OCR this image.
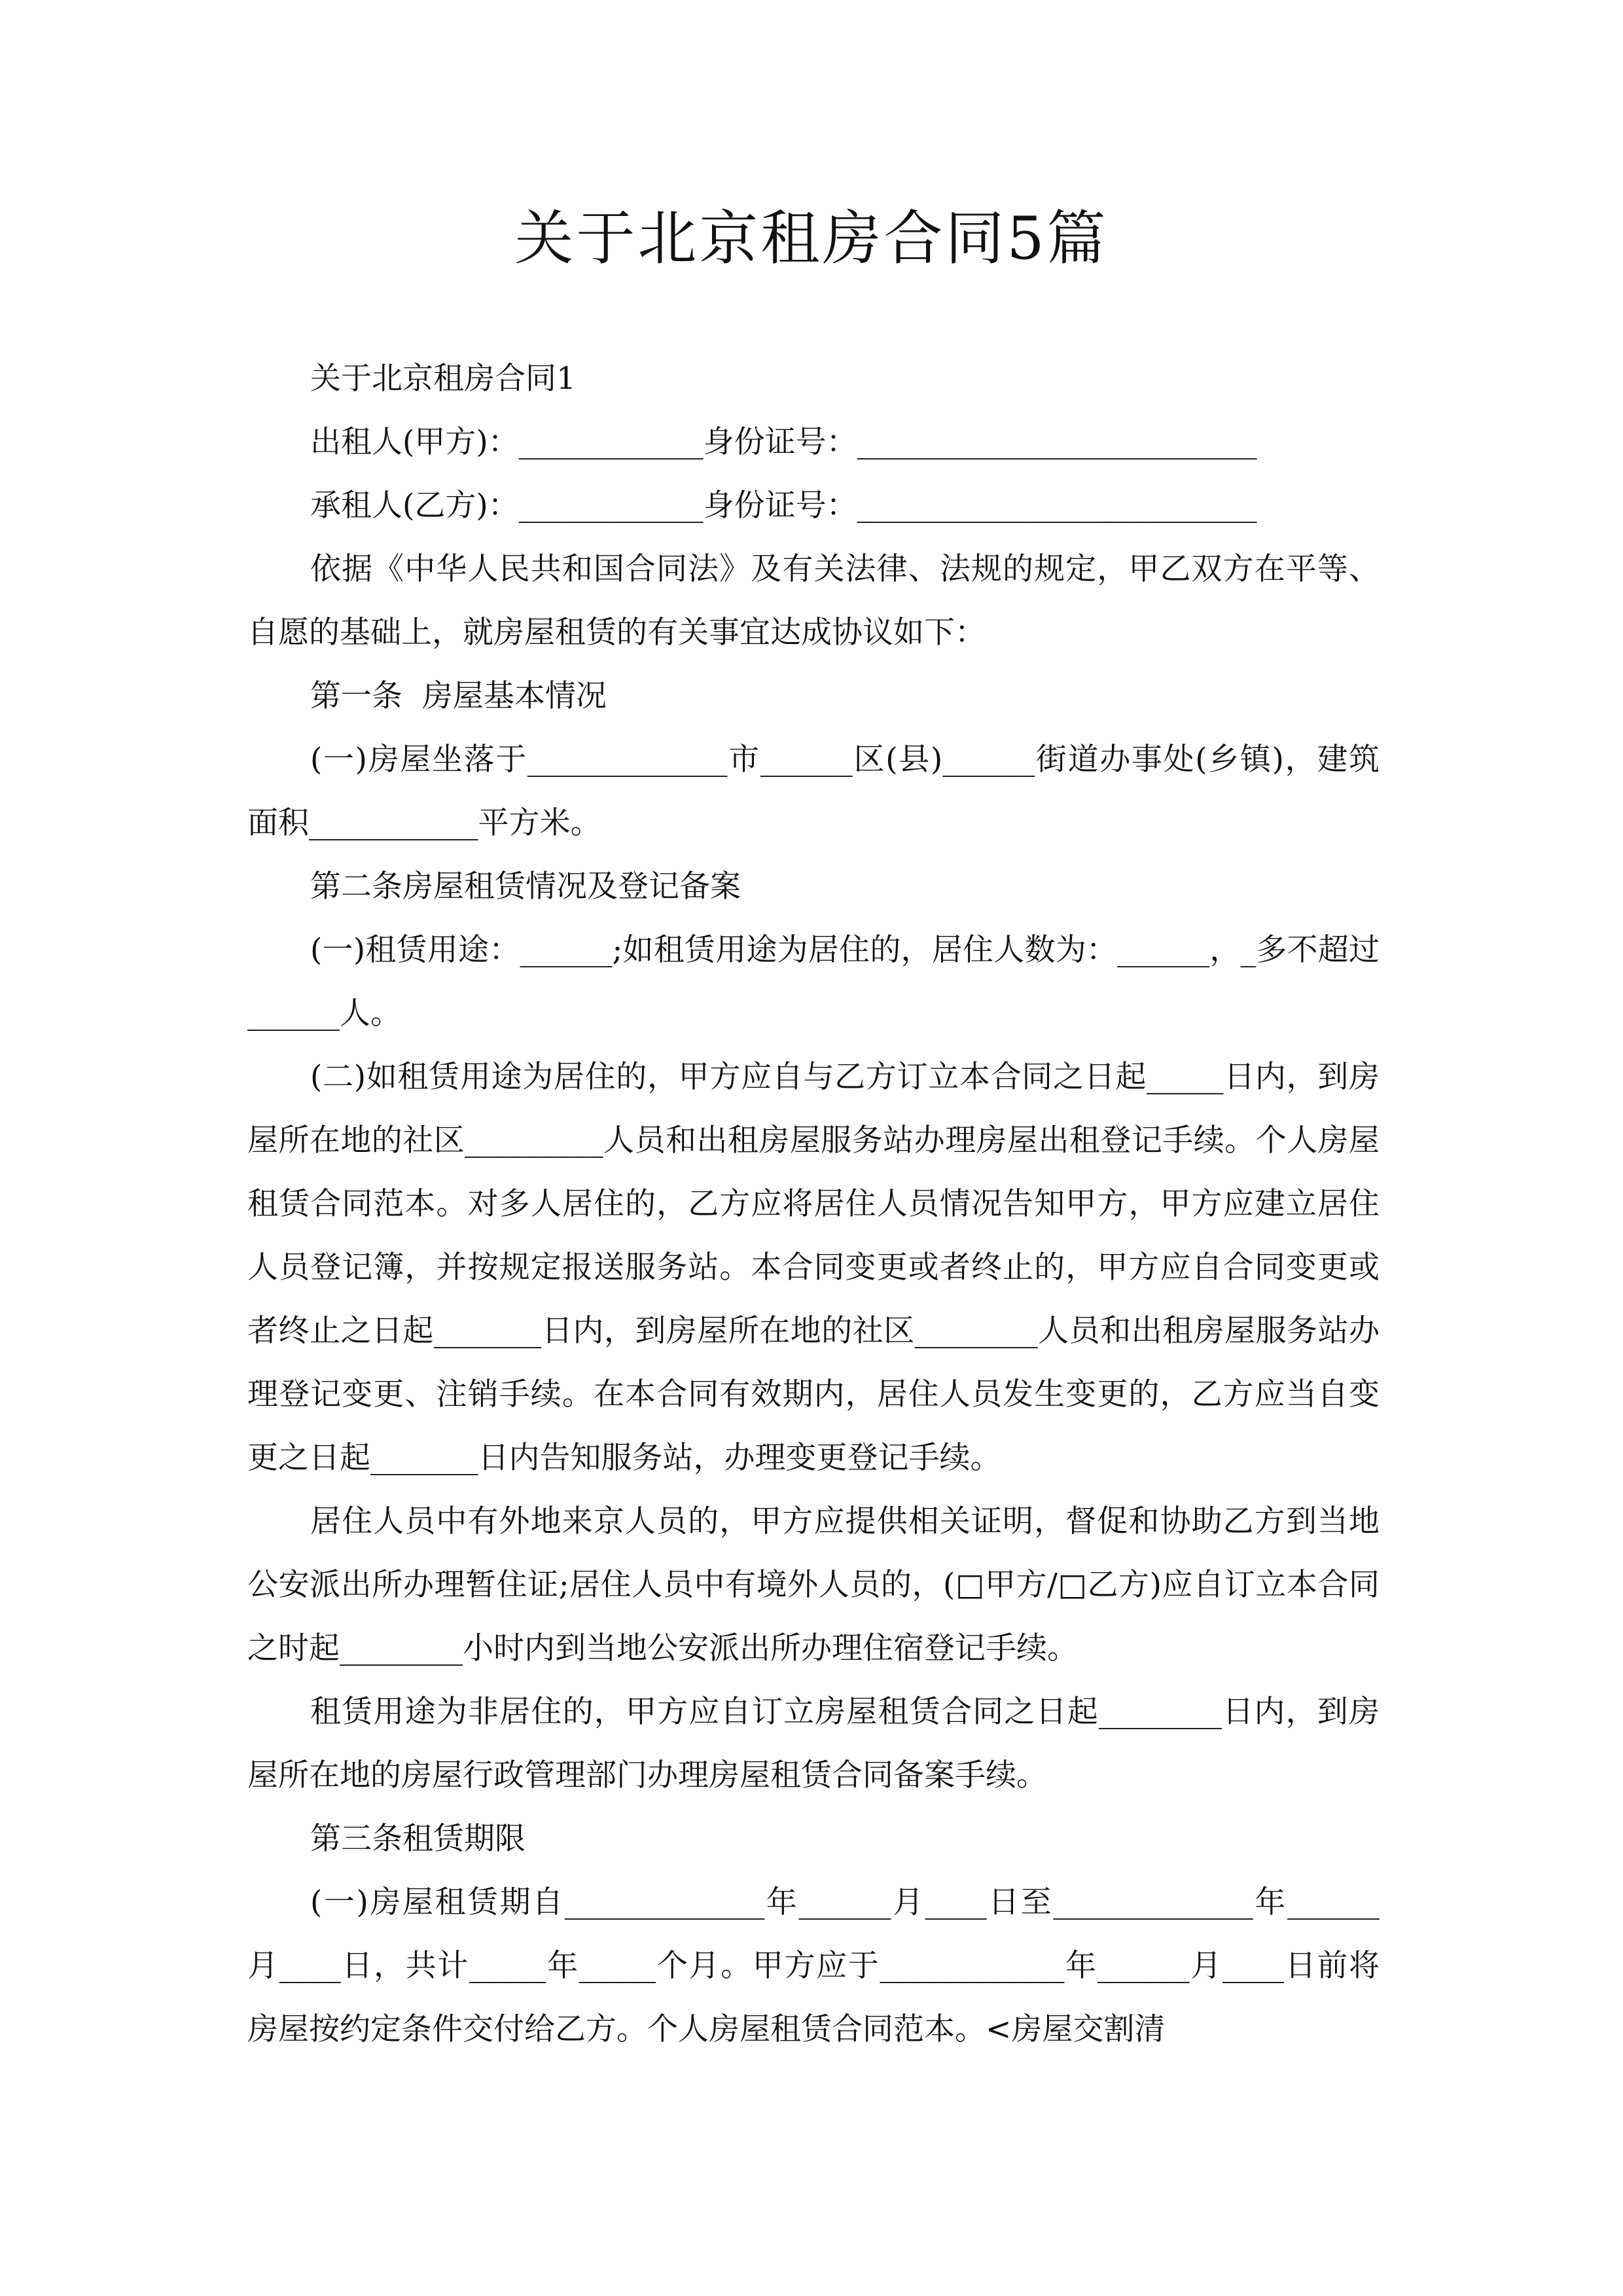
关于北京租房合同5篇

关于北京租房合同1

出租人(甲方)：____________身份证号：__________________________

承租人(乙方)：____________身份证号：__________________________

依据《中华人民共和国合同法》及有关法律、法规的规定，甲乙双方在平等、自愿的基础上，就房屋租赁的有关事宜达成协议如下：

第一条  房屋基本情况

(一)房屋坐落于_____________市______区(县)______街道办事处(乡镇)，建筑面积___________平方米。

第二条房屋租赁情况及登记备案

(一)租赁用途：______;如租赁用途为居住的，居住人数为：______，_多不超过______人。

(二)如租赁用途为居住的，甲方应自与乙方订立本合同之日起_____日内，到房屋所在地的社区_________人员和出租房屋服务站办理房屋出租登记手续。个人房屋租赁合同范本。对多人居住的，乙方应将居住人员情况告知甲方，甲方应建立居住人员登记簿，并按规定报送服务站。本合同变更或者终止的，甲方应自合同变更或者终止之日起_______日内，到房屋所在地的社区________人员和出租房屋服务站办理登记变更、注销手续。在本合同有效期内，居住人员发生变更的，乙方应当自变更之日起_______日内告知服务站，办理变更登记手续。

居住人员中有外地来京人员的，甲方应提供相关证明，督促和协助乙方到当地公安派出所办理暂住证;居住人员中有境外人员的，(□甲方/□乙方)应自订立本合同之时起________小时内到当地公安派出所办理住宿登记手续。

租赁用途为非居住的，甲方应自订立房屋租赁合同之日起________日内，到房屋所在地的房屋行政管理部门办理房屋租赁合同备案手续。

第三条租赁期限

(一)房屋租赁期自_____________年______月____日至_____________年______月____日，共计_____年_____个月。甲方应于____________年______月____日前将房屋按约定条件交付给乙方。个人房屋租赁合同范本。<房屋交割清
